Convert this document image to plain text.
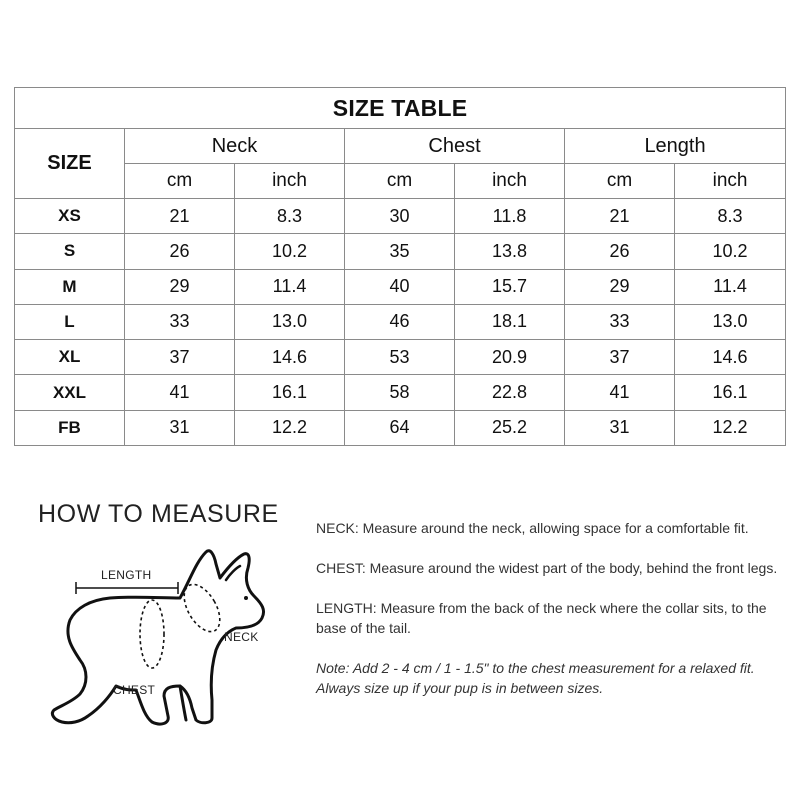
SIZE TABLE						
SIZE	Neck		Chest		Length	
	cm	inch	cm	inch	cm	inch
XS	21	8.3	30	11.8	21	8.3
S	26	10.2	35	13.8	26	10.2
M	29	11.4	40	15.7	29	11.4
L	33	13.0	46	18.1	33	13.0
XL	37	14.6	53	20.9	37	14.6
XXL	41	16.1	58	22.8	41	16.1
FB	31	12.2	64	25.2	31	12.2
HOW TO MEASURE
LENGTH
NECK
CHEST

NECK: Measure around the neck, allowing space for a comfortable fit.

CHEST: Measure around the widest part of the body, behind the front legs.

LENGTH: Measure from the back of the neck where the collar sits, to the base of the tail.

Note: Add 2 - 4 cm / 1 - 1.5" to the chest measurement for a relaxed fit. Always size up if your pup is in between sizes.
